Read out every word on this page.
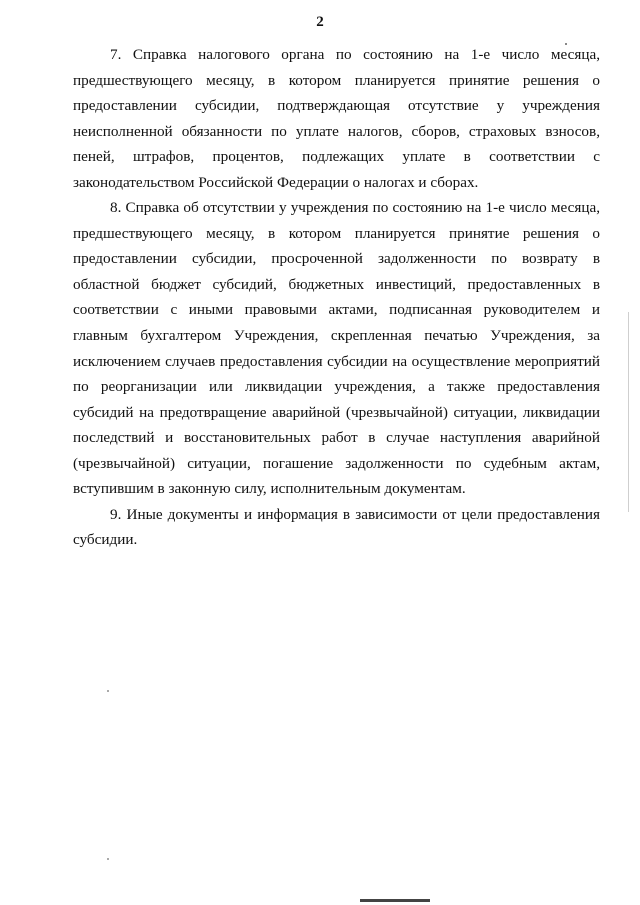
2

7. Справка налогового органа по состоянию на 1-е число месяца, предшествующего месяцу, в котором планируется принятие решения о предоставлении субсидии, подтверждающая отсутствие у учреждения неисполненной обязанности по уплате налогов, сборов, страховых взносов, пеней, штрафов, процентов, подлежащих уплате в соответствии с законодательством Российской Федерации о налогах и сборах.

8. Справка об отсутствии у учреждения по состоянию на 1-е число месяца, предшествующего месяцу, в котором планируется принятие решения о предоставлении субсидии, просроченной задолженности по возврату в областной бюджет субсидий, бюджетных инвестиций, предоставленных в соответствии с иными правовыми актами, подписанная руководителем и главным бухгалтером Учреждения, скрепленная печатью Учреждения, за исключением случаев предоставления субсидии на осуществление мероприятий по реорганизации или ликвидации учреждения, а также предоставления субсидий на предотвращение аварийной (чрезвычайной) ситуации, ликвидации последствий и восстановительных работ в случае наступления аварийной (чрезвычайной) ситуации, погашение задолженности по судебным актам, вступившим в законную силу, исполнительным документам.

9. Иные документы и информация в зависимости от цели предоставления субсидии.
